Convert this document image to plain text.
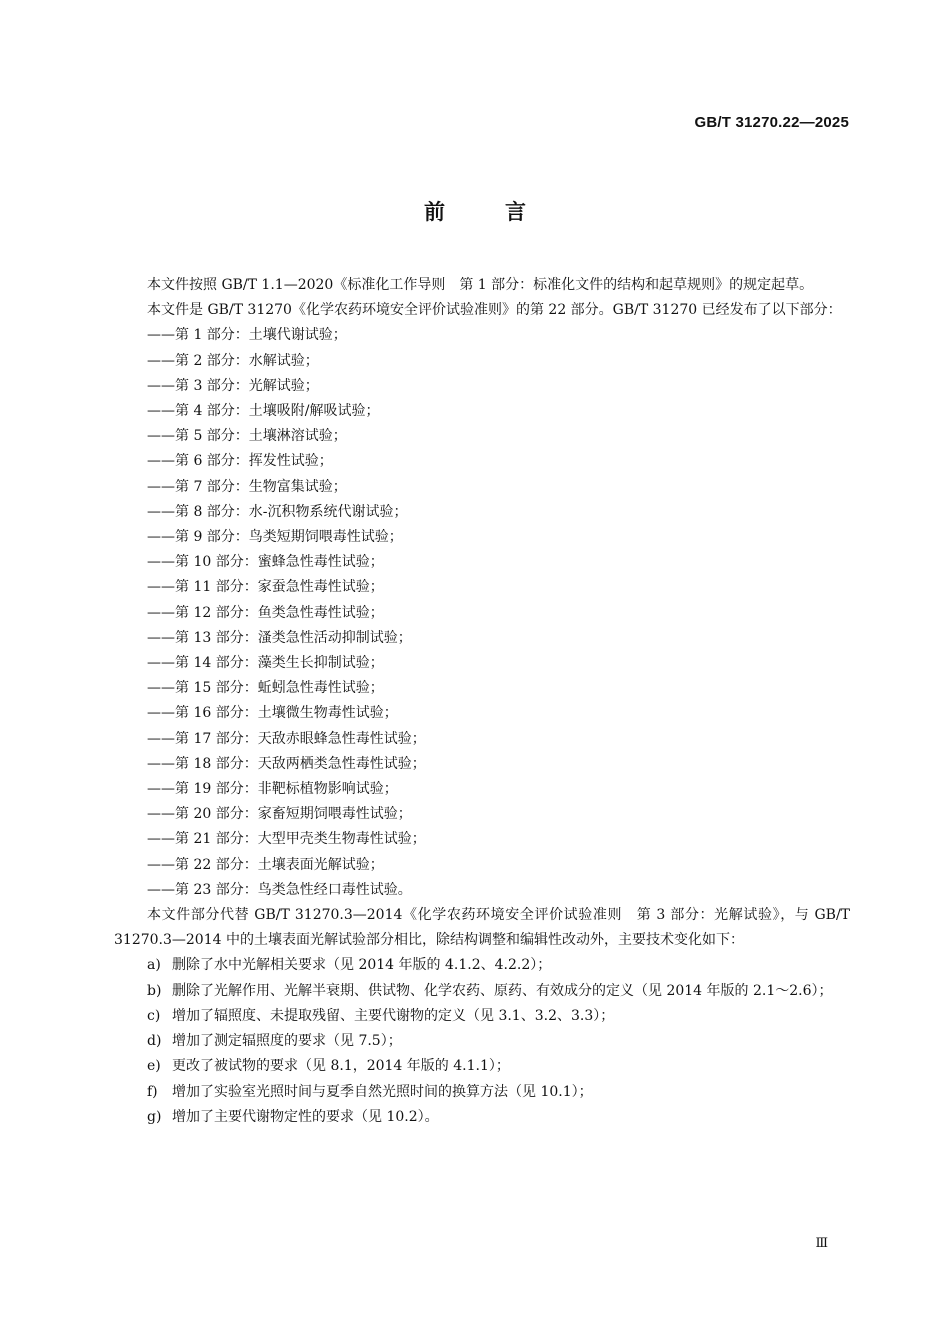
GB/T 31270.22—2025
前言

本文件按照 GB/T 1.1—2020《标准化工作导则　第 1 部分：标准化文件的结构和起草规则》的规定起草。

本文件是 GB/T 31270《化学农药环境安全评价试验准则》的第 22 部分。GB/T 31270 已经发布了以下部分：

——第 1 部分：土壤代谢试验；

——第 2 部分：水解试验；

——第 3 部分：光解试验；

——第 4 部分：土壤吸附/解吸试验；

——第 5 部分：土壤淋溶试验；

——第 6 部分：挥发性试验；

——第 7 部分：生物富集试验；

——第 8 部分：水-沉积物系统代谢试验；

——第 9 部分：鸟类短期饲喂毒性试验；

——第 10 部分：蜜蜂急性毒性试验；

——第 11 部分：家蚕急性毒性试验；

——第 12 部分：鱼类急性毒性试验；

——第 13 部分：溞类急性活动抑制试验；

——第 14 部分：藻类生长抑制试验；

——第 15 部分：蚯蚓急性毒性试验；

——第 16 部分：土壤微生物毒性试验；

——第 17 部分：天敌赤眼蜂急性毒性试验；

——第 18 部分：天敌两栖类急性毒性试验；

——第 19 部分：非靶标植物影响试验；

——第 20 部分：家畜短期饲喂毒性试验；

——第 21 部分：大型甲壳类生物毒性试验；

——第 22 部分：土壤表面光解试验；

——第 23 部分：鸟类急性经口毒性试验。

本文件部分代替 GB/T 31270.3—2014《化学农药环境安全评价试验准则　第 3 部分：光解试验》，与 GB/T 31270.3—2014 中的土壤表面光解试验部分相比，除结构调整和编辑性改动外，主要技术变化如下：

a) 删除了水中光解相关要求（见 2014 年版的 4.1.2、4.2.2）；

b) 删除了光解作用、光解半衰期、供试物、化学农药、原药、有效成分的定义（见 2014 年版的 2.1～2.6）；

c) 增加了辐照度、未提取残留、主要代谢物的定义（见 3.1、3.2、3.3）；

d) 增加了测定辐照度的要求（见 7.5）；

e) 更改了被试物的要求（见 8.1，2014 年版的 4.1.1）；

f) 增加了实验室光照时间与夏季自然光照时间的换算方法（见 10.1）；

g) 增加了主要代谢物定性的要求（见 10.2）。

Ⅲ
